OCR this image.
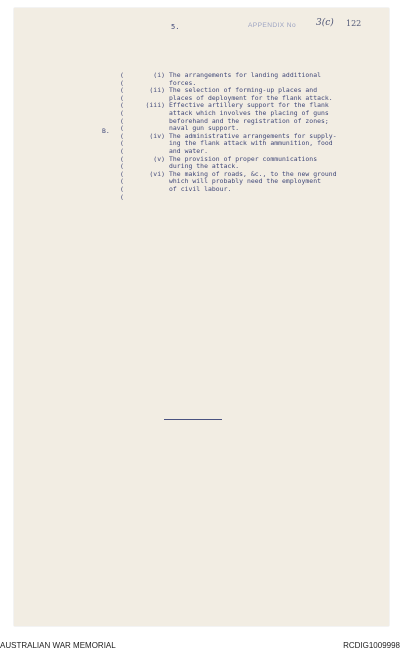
5.	APPENDIX No 3(c) 122
(
(
(
(
(
(
(
(
(
(
(
(
(
(
(
(
(
B.
(i) The arrangements for landing additional
forces.
(ii) The selection of forming-up places and
places of deployment for the flank attack.
(iii) Effective artillery support for the flank
attack which involves the placing of guns
beforehand and the registration of zones;
naval gun support.
(iv) The administrative arrangements for supply-
ing the flank attack with ammunition, food
and water.
(v) The provision of proper communications
during the attack.
(vi) The making of roads, &c., to the new ground
which will probably need the employment
of civil labour.
AUSTRALIAN WAR MEMORIAL	RCDIG1009998
